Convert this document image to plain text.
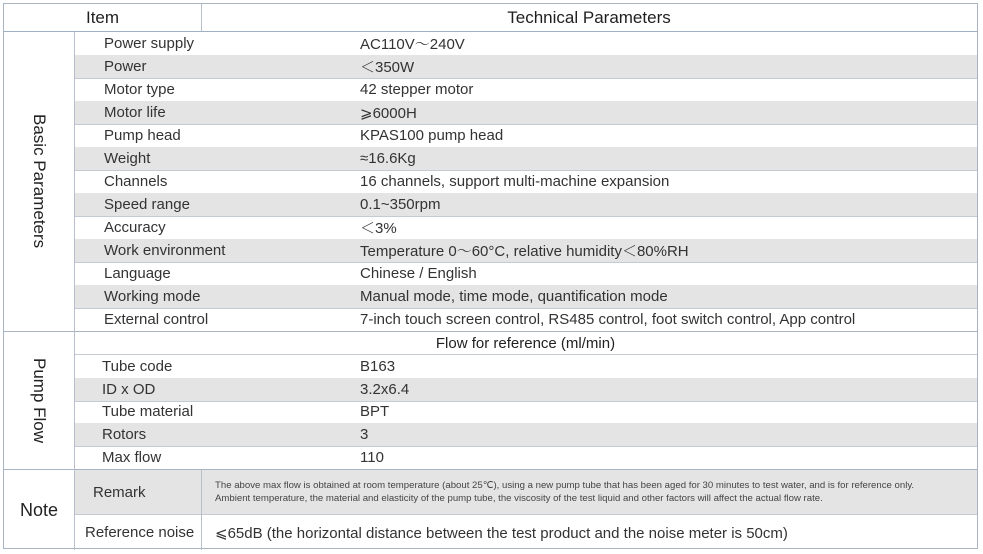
Item	Technical Parameters
Power supply	AC110V～240V
Power	＜350W
Motor type	42 stepper motor
Motor life	⩾6000H
Pump head	KPAS100 pump head
Weight	≈16.6Kg
Channels	16 channels, support multi-machine expansion
Speed range	0.1~350rpm
Accuracy	＜3%
Work environment	Temperature 0～60°C, relative humidity＜80%RH
Language	Chinese / English
Working mode	Manual mode, time mode, quantification mode
External control	7-inch touch screen control, RS485 control, foot switch control, App control
Basic Parameters
Flow for reference (ml/min)
Tube code	B163
ID x OD	3.2x6.4
Tube material	BPT
Rotors	3
Max flow	110
Pump Flow
Note
Remark	The above max flow is obtained at room temperature (about 25℃), using a new pump tube that has been aged for 30 minutes to test water, and is for reference only.
Ambient temperature, the material and elasticity of the pump tube, the viscosity of the test liquid and other factors will affect the actual flow rate.
Reference noise ⩽65dB (the horizontal distance between the test product and the noise meter is 50cm)
